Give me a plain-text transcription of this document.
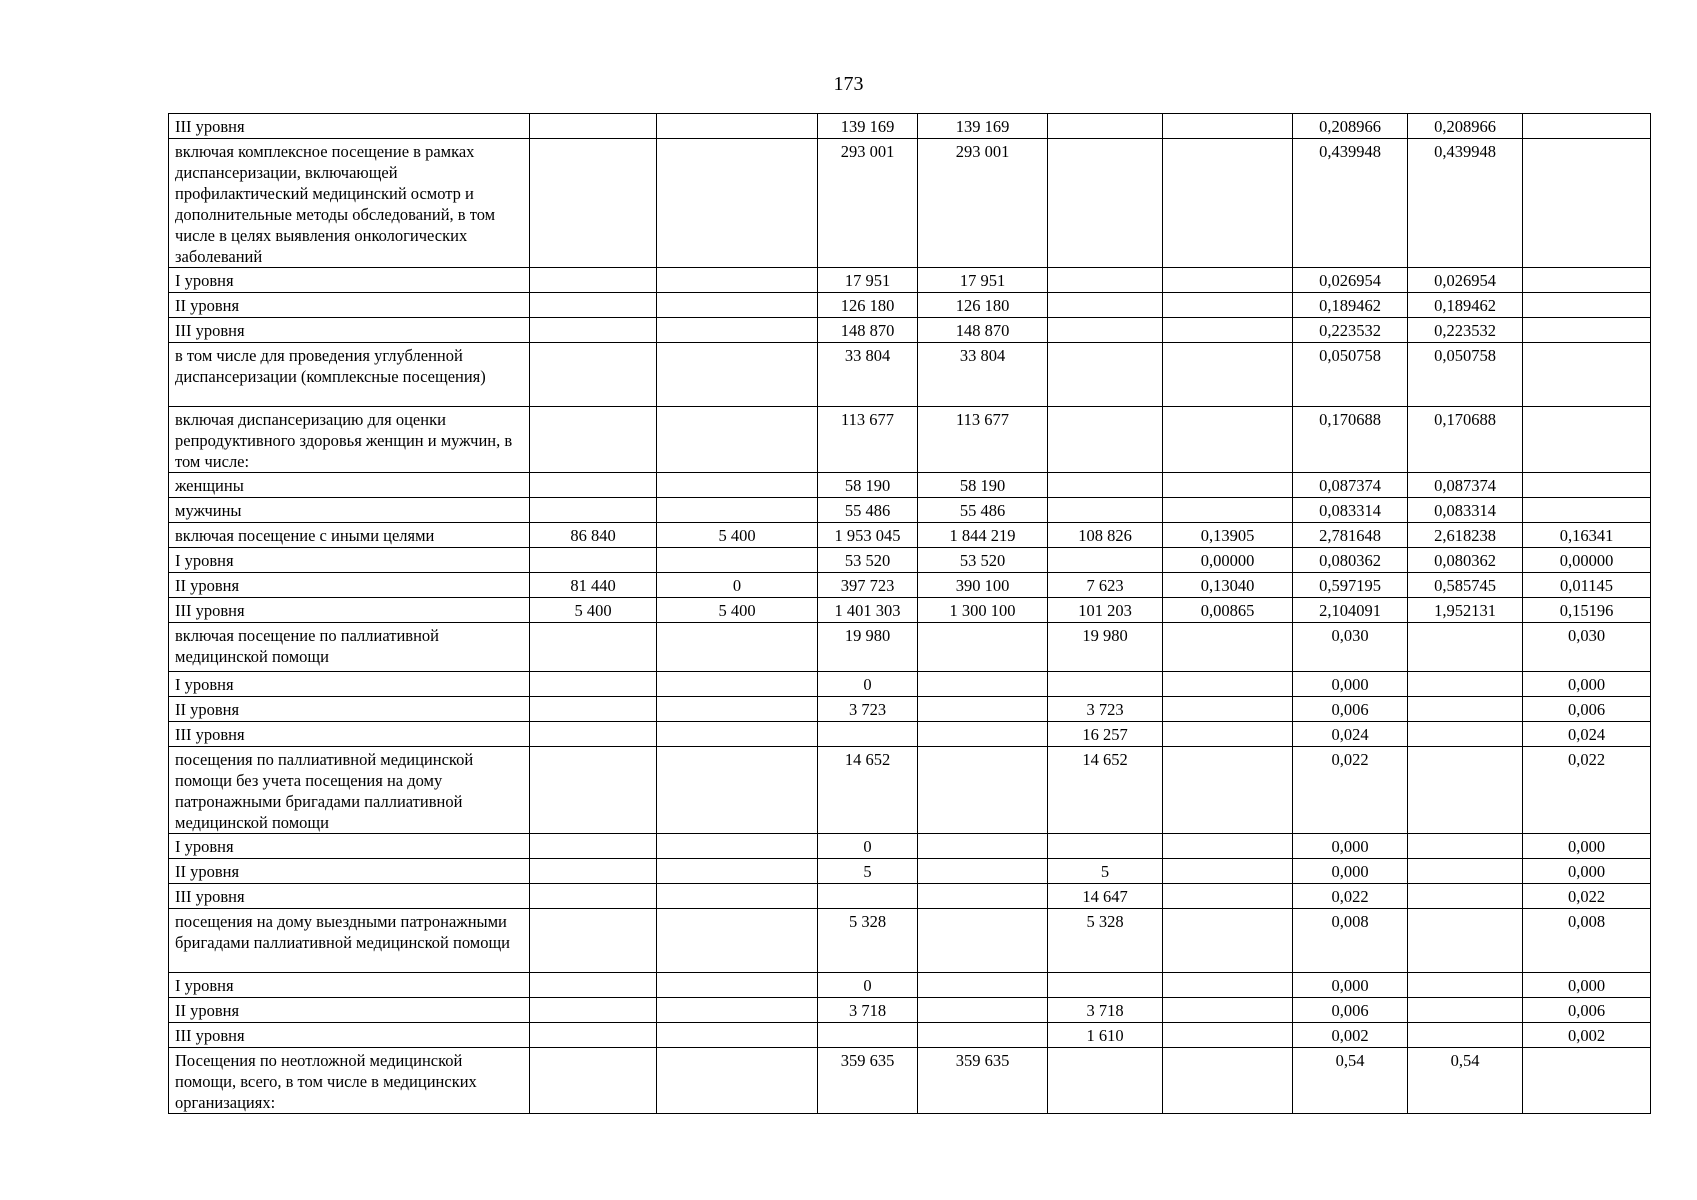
173
III уровня			139 169	139 169			0,208966	0,208966	
включая комплексное посещение в рамках диспансеризации, включающей профилактический медицинский осмотр и дополнительные методы обследований, в том числе в целях выявления онкологических заболеваний			293 001	293 001			0,439948	0,439948	
I уровня			17 951	17 951			0,026954	0,026954	
II уровня			126 180	126 180			0,189462	0,189462	
III уровня			148 870	148 870			0,223532	0,223532	
в том числе для проведения углубленной диспансеризации (комплексные посещения)			33 804	33 804			0,050758	0,050758	
включая диспансеризацию для оценки репродуктивного здоровья женщин и мужчин, в том числе:			113 677	113 677			0,170688	0,170688	
женщины			58 190	58 190			0,087374	0,087374	
мужчины			55 486	55 486			0,083314	0,083314	
включая посещение с иными целями	86 840	5 400	1 953 045	1 844 219	108 826	0,13905	2,781648	2,618238	0,16341
I уровня			53 520	53 520		0,00000	0,080362	0,080362	0,00000
II уровня	81 440	0	397 723	390 100	7 623	0,13040	0,597195	0,585745	0,01145
III уровня	5 400	5 400	1 401 303	1 300 100	101 203	0,00865	2,104091	1,952131	0,15196
включая посещение по паллиативной медицинской помощи			19 980		19 980		0,030		0,030
I уровня			0				0,000		0,000
II уровня			3 723		3 723		0,006		0,006
III уровня					16 257		0,024		0,024
посещения по паллиативной медицинской помощи без учета посещения на дому патронажными бригадами паллиативной медицинской помощи			14 652		14 652		0,022		0,022
I уровня			0				0,000		0,000
II уровня			5		5		0,000		0,000
III уровня					14 647		0,022		0,022
посещения на дому выездными патронажными бригадами паллиативной медицинской помощи			5 328		5 328		0,008		0,008
I уровня			0				0,000		0,000
II уровня			3 718		3 718		0,006		0,006
III уровня					1 610		0,002		0,002
Посещения по неотложной медицинской помощи, всего, в том числе в медицинских организациях:			359 635	359 635			0,54	0,54	
